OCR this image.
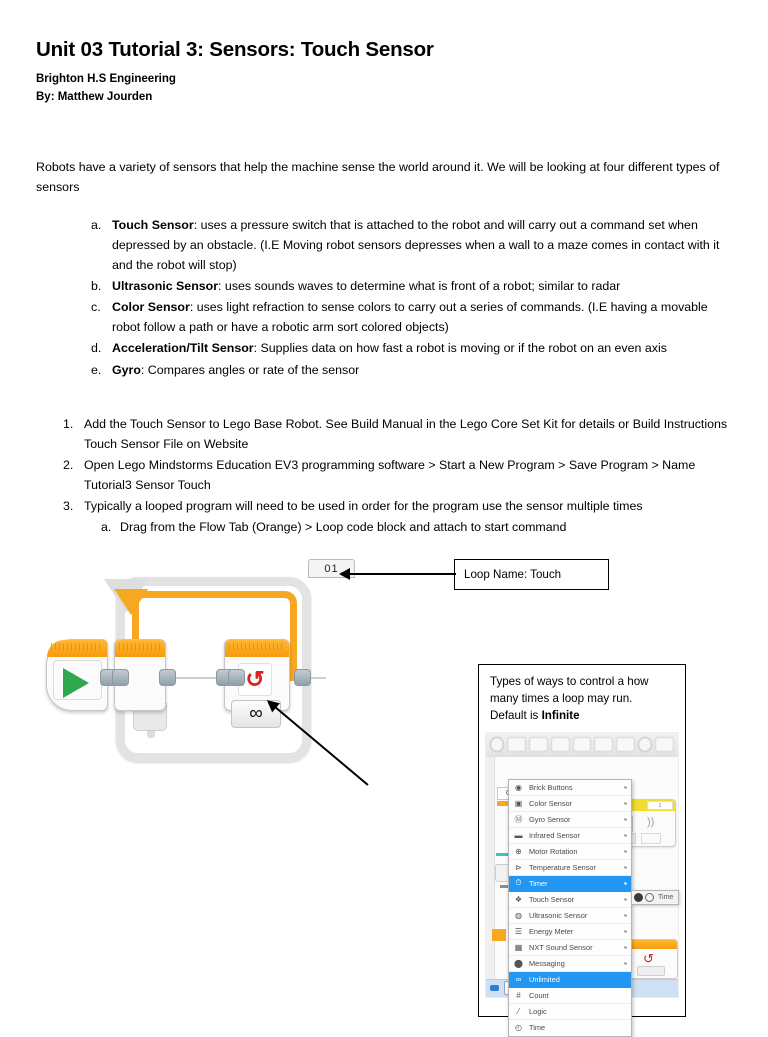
Unit 03 Tutorial 3: Sensors: Touch Sensor
Brighton H.S Engineering
By: Matthew Jourden

Robots have a variety of sensors that help the machine sense the world around it. We will be looking at four different types of sensors

a. Touch Sensor: uses a pressure switch that is attached to the robot and will carry out a command set when depressed by an obstacle. (I.E Moving robot sensors depresses when a wall to a maze comes in contact with it and the robot will stop)
b. Ultrasonic Sensor: uses sounds waves to determine what is front of a robot; similar to radar
c. Color Sensor: uses light refraction to sense colors to carry out a series of commands. (I.E having a movable robot follow a path or have a robotic arm sort colored objects)
d. Acceleration/Tilt Sensor: Supplies data on how fast a robot is moving or if the robot on an even axis
e. Gyro: Compares angles or rate of the sensor
1. Add the Touch Sensor to Lego Base Robot. See Build Manual in the Lego Core Set Kit for details or Build Instructions Touch Sensor File on Website
2. Open Lego Mindstorms Education EV3 programming software > Start a New Program > Save Program > Name Tutorial3 Sensor Touch
3. Typically a looped program will need to be used in order for the program use the sensor multiple times
a. Drag from the Flow Tab (Orange) > Loop code block and attach to start command
Loop Name: Touch
01
↺
∞
Types of ways to control a how
many times a loop may run.
Default is Infinite
1
))
↺
◉ Brick Buttons	▸
▣ Color Sensor	▸
Ⓜ Gyro Sensor	▸
▬ Infrared Sensor	▸
⊕ Motor Rotation	▸
⊳ Temperature Sensor	▸
⏱ Timer	▸
❖ Touch Sensor	▸
◍ Ultrasonic Sensor	▸
☰ Energy Meter	▸
▦ NXT Sound Sensor	▸
⬤ Messaging	▸
∞	Unlimited
#	Count
⁄	Logic
◴ Time
Time
